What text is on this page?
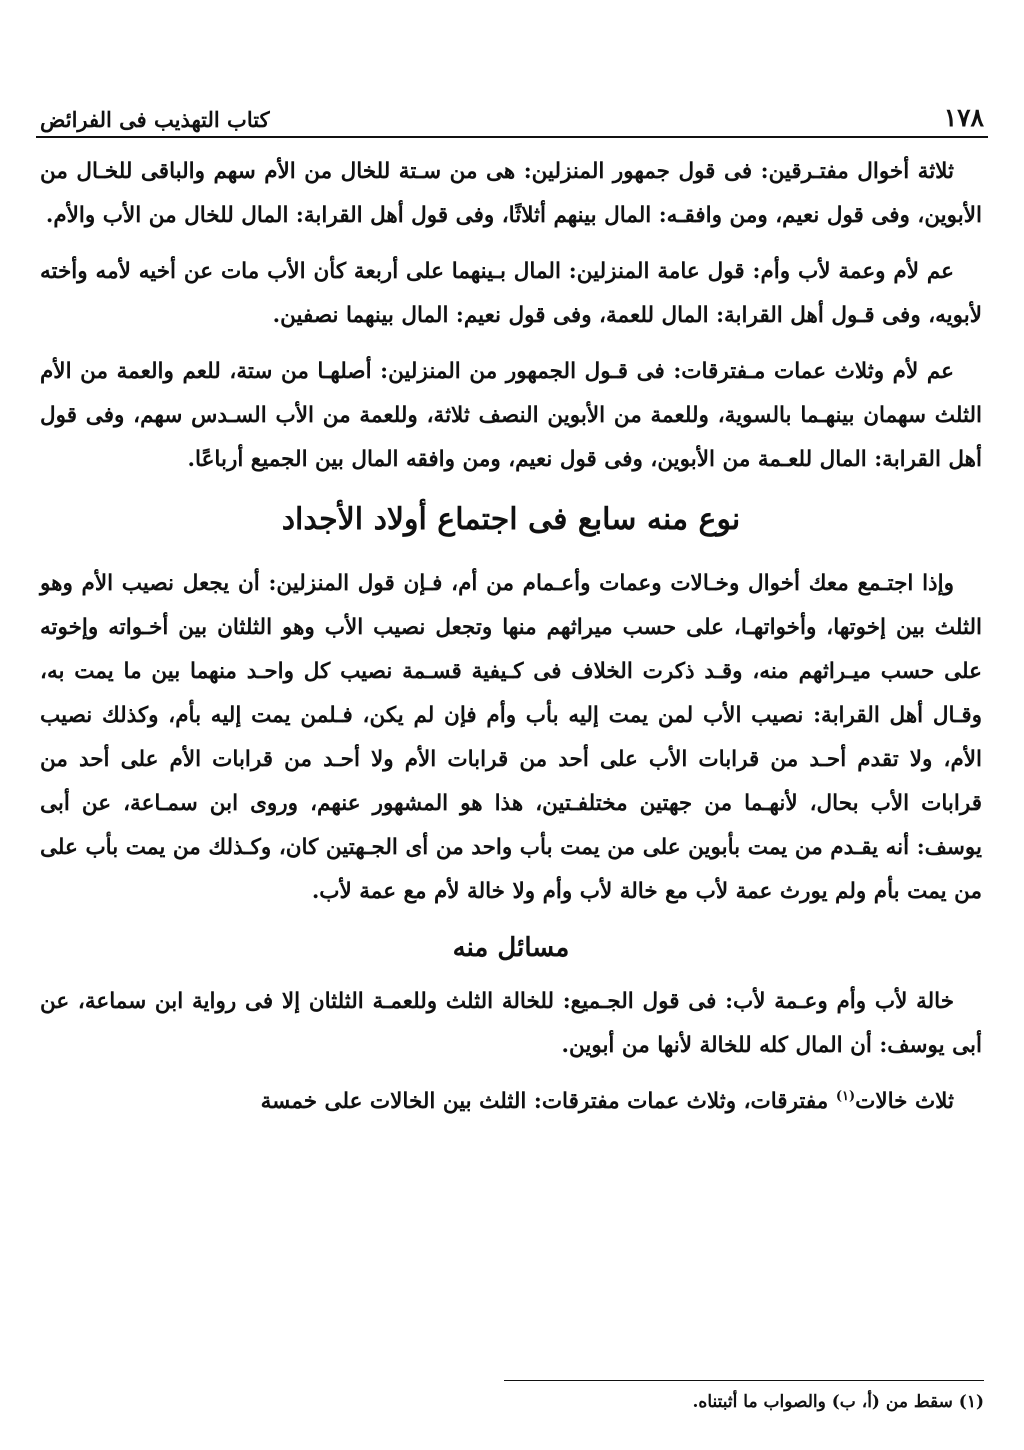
١٧٨
كتاب التهذيب فى الفرائض

ثلاثة أخوال مفتـرقين: فى قول جمهور المنزلين: هى من سـتة للخال من الأم سهم والباقى للخـال من الأبوين، وفى قول نعيم، ومن وافقـه: المال بينهم أثلاثًا، وفى قول أهل القرابة: المال للخال من الأب والأم.

عم لأم وعمة لأب وأم: قول عامة المنزلين: المال بـينهما على أربعة كأن الأب مات عن أخيه لأمه وأخته لأبويه، وفى قـول أهل القرابة: المال للعمة، وفى قول نعيم: المال بينهما نصفين.

عم لأم وثلاث عمات مـفترقات: فى قـول الجمهور من المنزلين: أصلهـا من ستة، للعم والعمة من الأم الثلث سهمان بينهـما بالسوية، وللعمة من الأبوين النصف ثلاثة، وللعمة من الأب السـدس سهم، وفى قول أهل القرابة: المال للعـمة من الأبوين، وفى قول نعيم، ومن وافقه المال بين الجميع أرباعًا.

نوع منه سابع فى اجتماع أولاد الأجداد

وإذا اجتـمع معك أخوال وخـالات وعمات وأعـمام من أم، فـإن قول المنزلين: أن يجعل نصيب الأم وهو الثلث بين إخوتها، وأخواتهـا، على حسب ميراثهم منها وتجعل نصيب الأب وهو الثلثان بين أخـواته وإخوته على حسب ميـراثهم منه، وقـد ذكرت الخلاف فى كـيفية قسـمة نصيب كل واحـد منهما بين ما يمت به، وقـال أهل القرابة: نصيب الأب لمن يمت إليه بأب وأم فإن لم يكن، فـلمن يمت إليه بأم، وكذلك نصيب الأم، ولا تقدم أحـد من قرابات الأب على أحد من قرابات الأم ولا أحـد من قرابات الأم على أحد من قرابات الأب بحال، لأنهـما من جهتين مختلفـتين، هذا هو المشهور عنهم، وروى ابن سمـاعة، عن أبى يوسف: أنه يقـدم من يمت بأبوين على من يمت بأب واحد من أى الجـهتين كان، وكـذلك من يمت بأب على من يمت بأم ولم يورث عمة لأب مع خالة لأب وأم ولا خالة لأم مع عمة لأب.

مسائل منه

خالة لأب وأم وعـمة لأب: فى قول الجـميع: للخالة الثلث وللعمـة الثلثان إلا فى رواية ابن سماعة، عن أبى يوسف: أن المال كله للخالة لأنها من أبوين.

ثلاث خالات$^{(١)}$ مفترقات، وثلاث عمات مفترقات: الثلث بين الخالات على خمسة

(١) سقط من (أ، ب) والصواب ما أثبتناه.
